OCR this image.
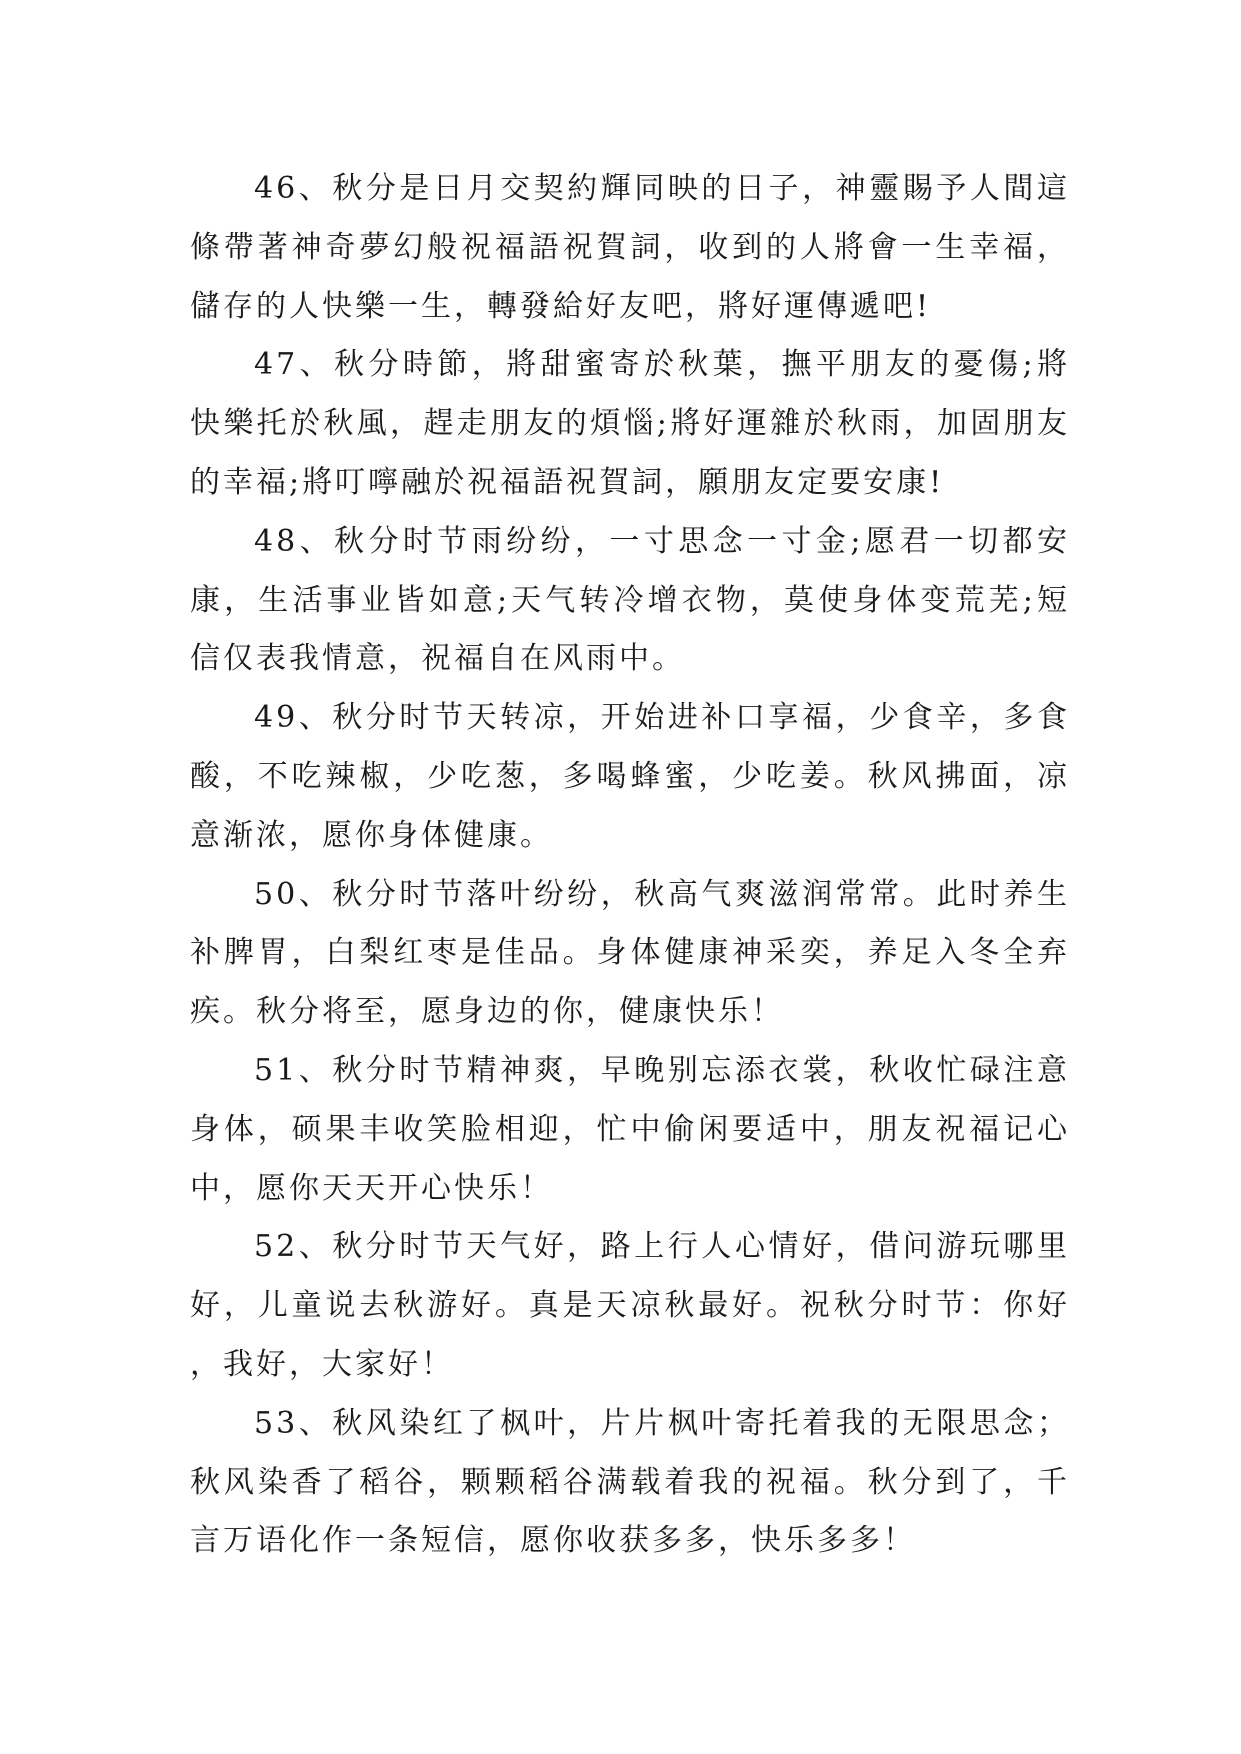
46、秋分是日月交契約輝同映的日子，神靈賜予人間這條帶著神奇夢幻般祝福語祝賀詞，收到的人將會一生幸福，儲存的人快樂一生，轉發給好友吧，將好運傳遞吧!

47、秋分時節，將甜蜜寄於秋葉，撫平朋友的憂傷;將快樂托於秋風，趕走朋友的煩惱;將好運雜於秋雨，加固朋友的幸福;將叮嚀融於祝福語祝賀詞，願朋友定要安康!

48、秋分时节雨纷纷，一寸思念一寸金;愿君一切都安康，生活事业皆如意;天气转冷增衣物，莫使身体变荒芜;短信仅表我情意，祝福自在风雨中。

49、秋分时节天转凉，开始进补口享福，少食辛，多食酸，不吃辣椒，少吃葱，多喝蜂蜜，少吃姜。秋风拂面，凉意渐浓，愿你身体健康。

50、秋分时节落叶纷纷，秋高气爽滋润常常。此时养生补脾胃，白梨红枣是佳品。身体健康神采奕，养足入冬全弃疾。秋分将至，愿身边的你，健康快乐！

51、秋分时节精神爽，早晚别忘添衣裳，秋收忙碌注意身体，硕果丰收笑脸相迎，忙中偷闲要适中，朋友祝福记心中，愿你天天开心快乐！

52、秋分时节天气好，路上行人心情好，借问游玩哪里好，儿童说去秋游好。真是天凉秋最好。祝秋分时节：你好，我好，大家好！

53、秋风染红了枫叶，片片枫叶寄托着我的无限思念；秋风染香了稻谷，颗颗稻谷满载着我的祝福。秋分到了，千言万语化作一条短信，愿你收获多多，快乐多多！
